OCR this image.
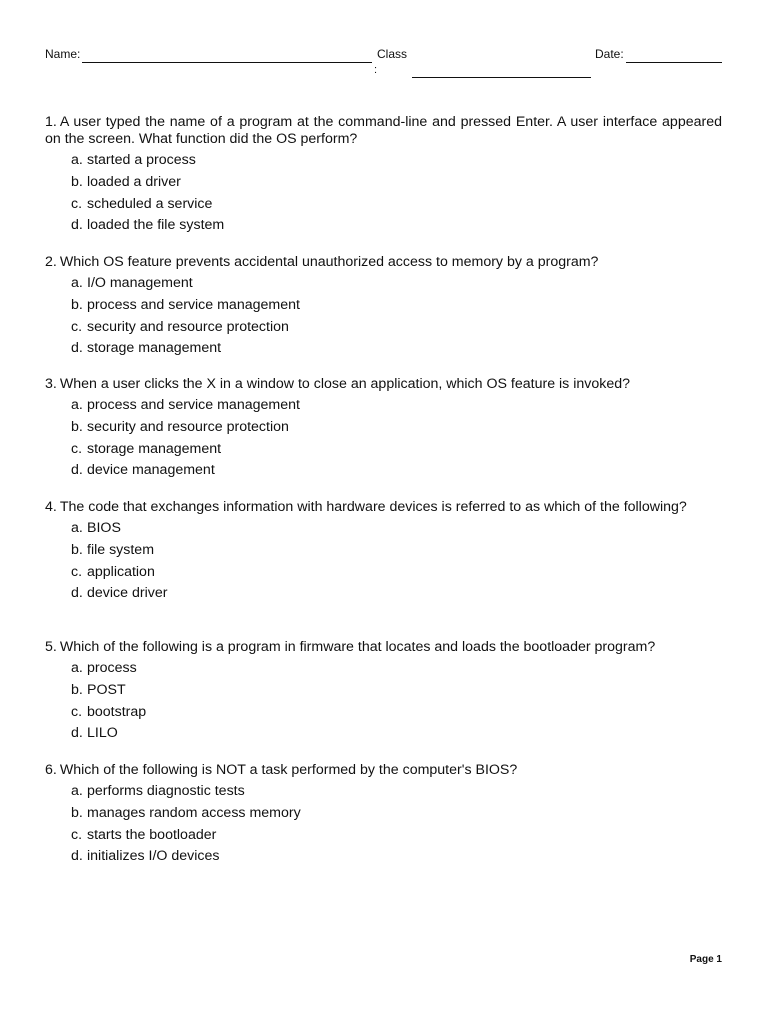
Name:	Class
:
Date:

1. A user typed the name of a program at the command-line and pressed Enter. A user interface appeared on the screen. What function did the OS perform?

a. started a process
b. loaded a driver
c. scheduled a service
d. loaded the file system

2. Which OS feature prevents accidental unauthorized access to memory by a program?

a. I/O management
b. process and service management
c. security and resource protection
d. storage management

3. When a user clicks the X in a window to close an application, which OS feature is invoked?

a. process and service management
b. security and resource protection
c. storage management
d. device management

4. The code that exchanges information with hardware devices is referred to as which of the following?

a. BIOS
b. file system
c. application
d. device driver

5. Which of the following is a program in firmware that locates and loads the bootloader program?

a. process
b. POST
c. bootstrap
d. LILO

6. Which of the following is NOT a task performed by the computer's BIOS?

a. performs diagnostic tests
b. manages random access memory
c. starts the bootloader
d. initializes I/O devices
Page 1
